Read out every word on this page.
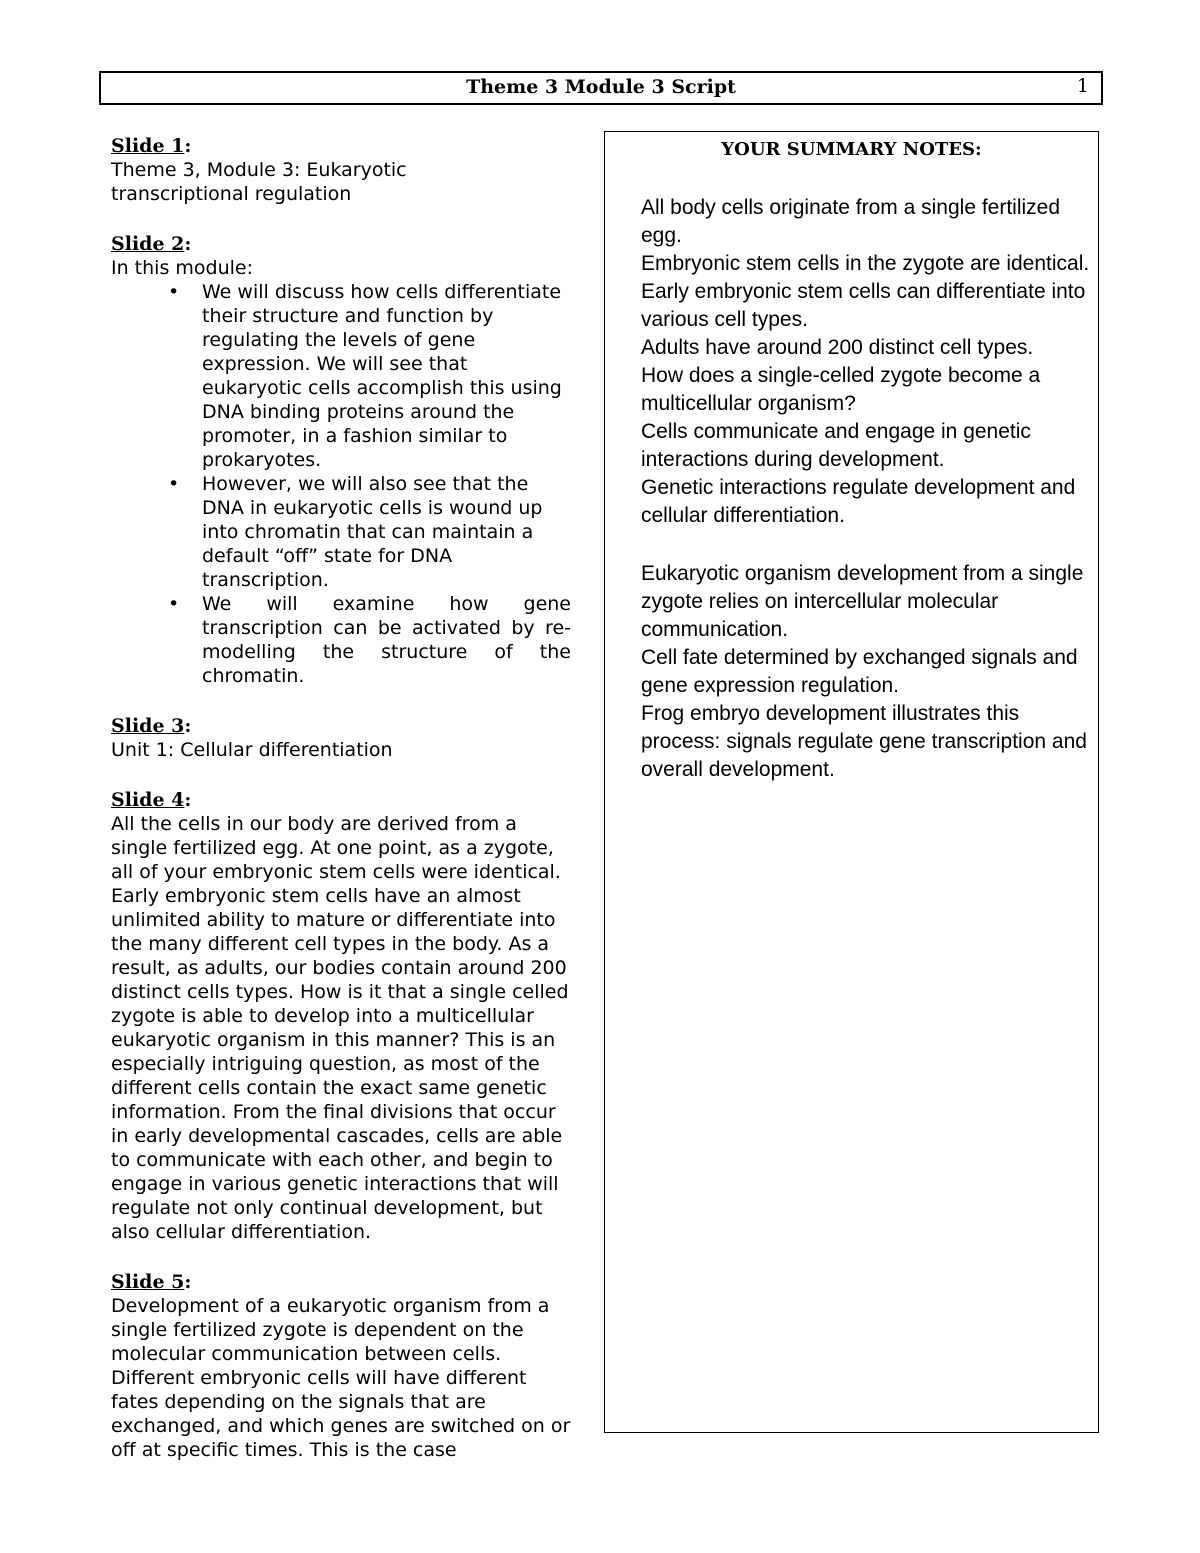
Theme 3 Module 3 Script	1
Slide 1:

Theme 3, Module 3: Eukaryotic

transcriptional regulation

Slide 2:

In this module:

• We will discuss how cells differentiate their structure and function by regulating the levels of gene expression. We will see that eukaryotic cells accomplish this using DNA binding proteins around the promoter, in a fashion similar to prokaryotes.
• However, we will also see that the DNA in eukaryotic cells is wound up into chromatin that can maintain a default “off” state for DNA transcription.
• We will examine how gene transcription can be activated by re-modelling the structure of the chromatin.
Slide 3:

Unit 1: Cellular differentiation

Slide 4:

All the cells in our body are derived from a single fertilized egg. At one point, as a zygote, all of your embryonic stem cells were identical. Early embryonic stem cells have an almost unlimited ability to mature or differentiate into the many different cell types in the body. As a result, as adults, our bodies contain around 200 distinct cells types. How is it that a single celled zygote is able to develop into a multicellular eukaryotic organism in this manner? This is an especially intriguing question, as most of the different cells contain the exact same genetic information. From the final divisions that occur in early developmental cascades, cells are able to communicate with each other, and begin to engage in various genetic interactions that will regulate not only continual development, but also cellular differentiation.

Slide 5:

Development of a eukaryotic organism from a single fertilized zygote is dependent on the molecular communication between cells. Different embryonic cells will have different fates depending on the signals that are exchanged, and which genes are switched on or off at specific times. This is the case

YOUR SUMMARY NOTES:

All body cells originate from a single fertilized egg.

Embryonic stem cells in the zygote are identical.

Early embryonic stem cells can differentiate into various cell types.

Adults have around 200 distinct cell types.

How does a single-celled zygote become a multicellular organism?

Cells communicate and engage in genetic interactions during development.

Genetic interactions regulate development and cellular differentiation.

Eukaryotic organism development from a single zygote relies on intercellular molecular communication.

Cell fate determined by exchanged signals and gene expression regulation.

Frog embryo development illustrates this process: signals regulate gene transcription and overall development.
